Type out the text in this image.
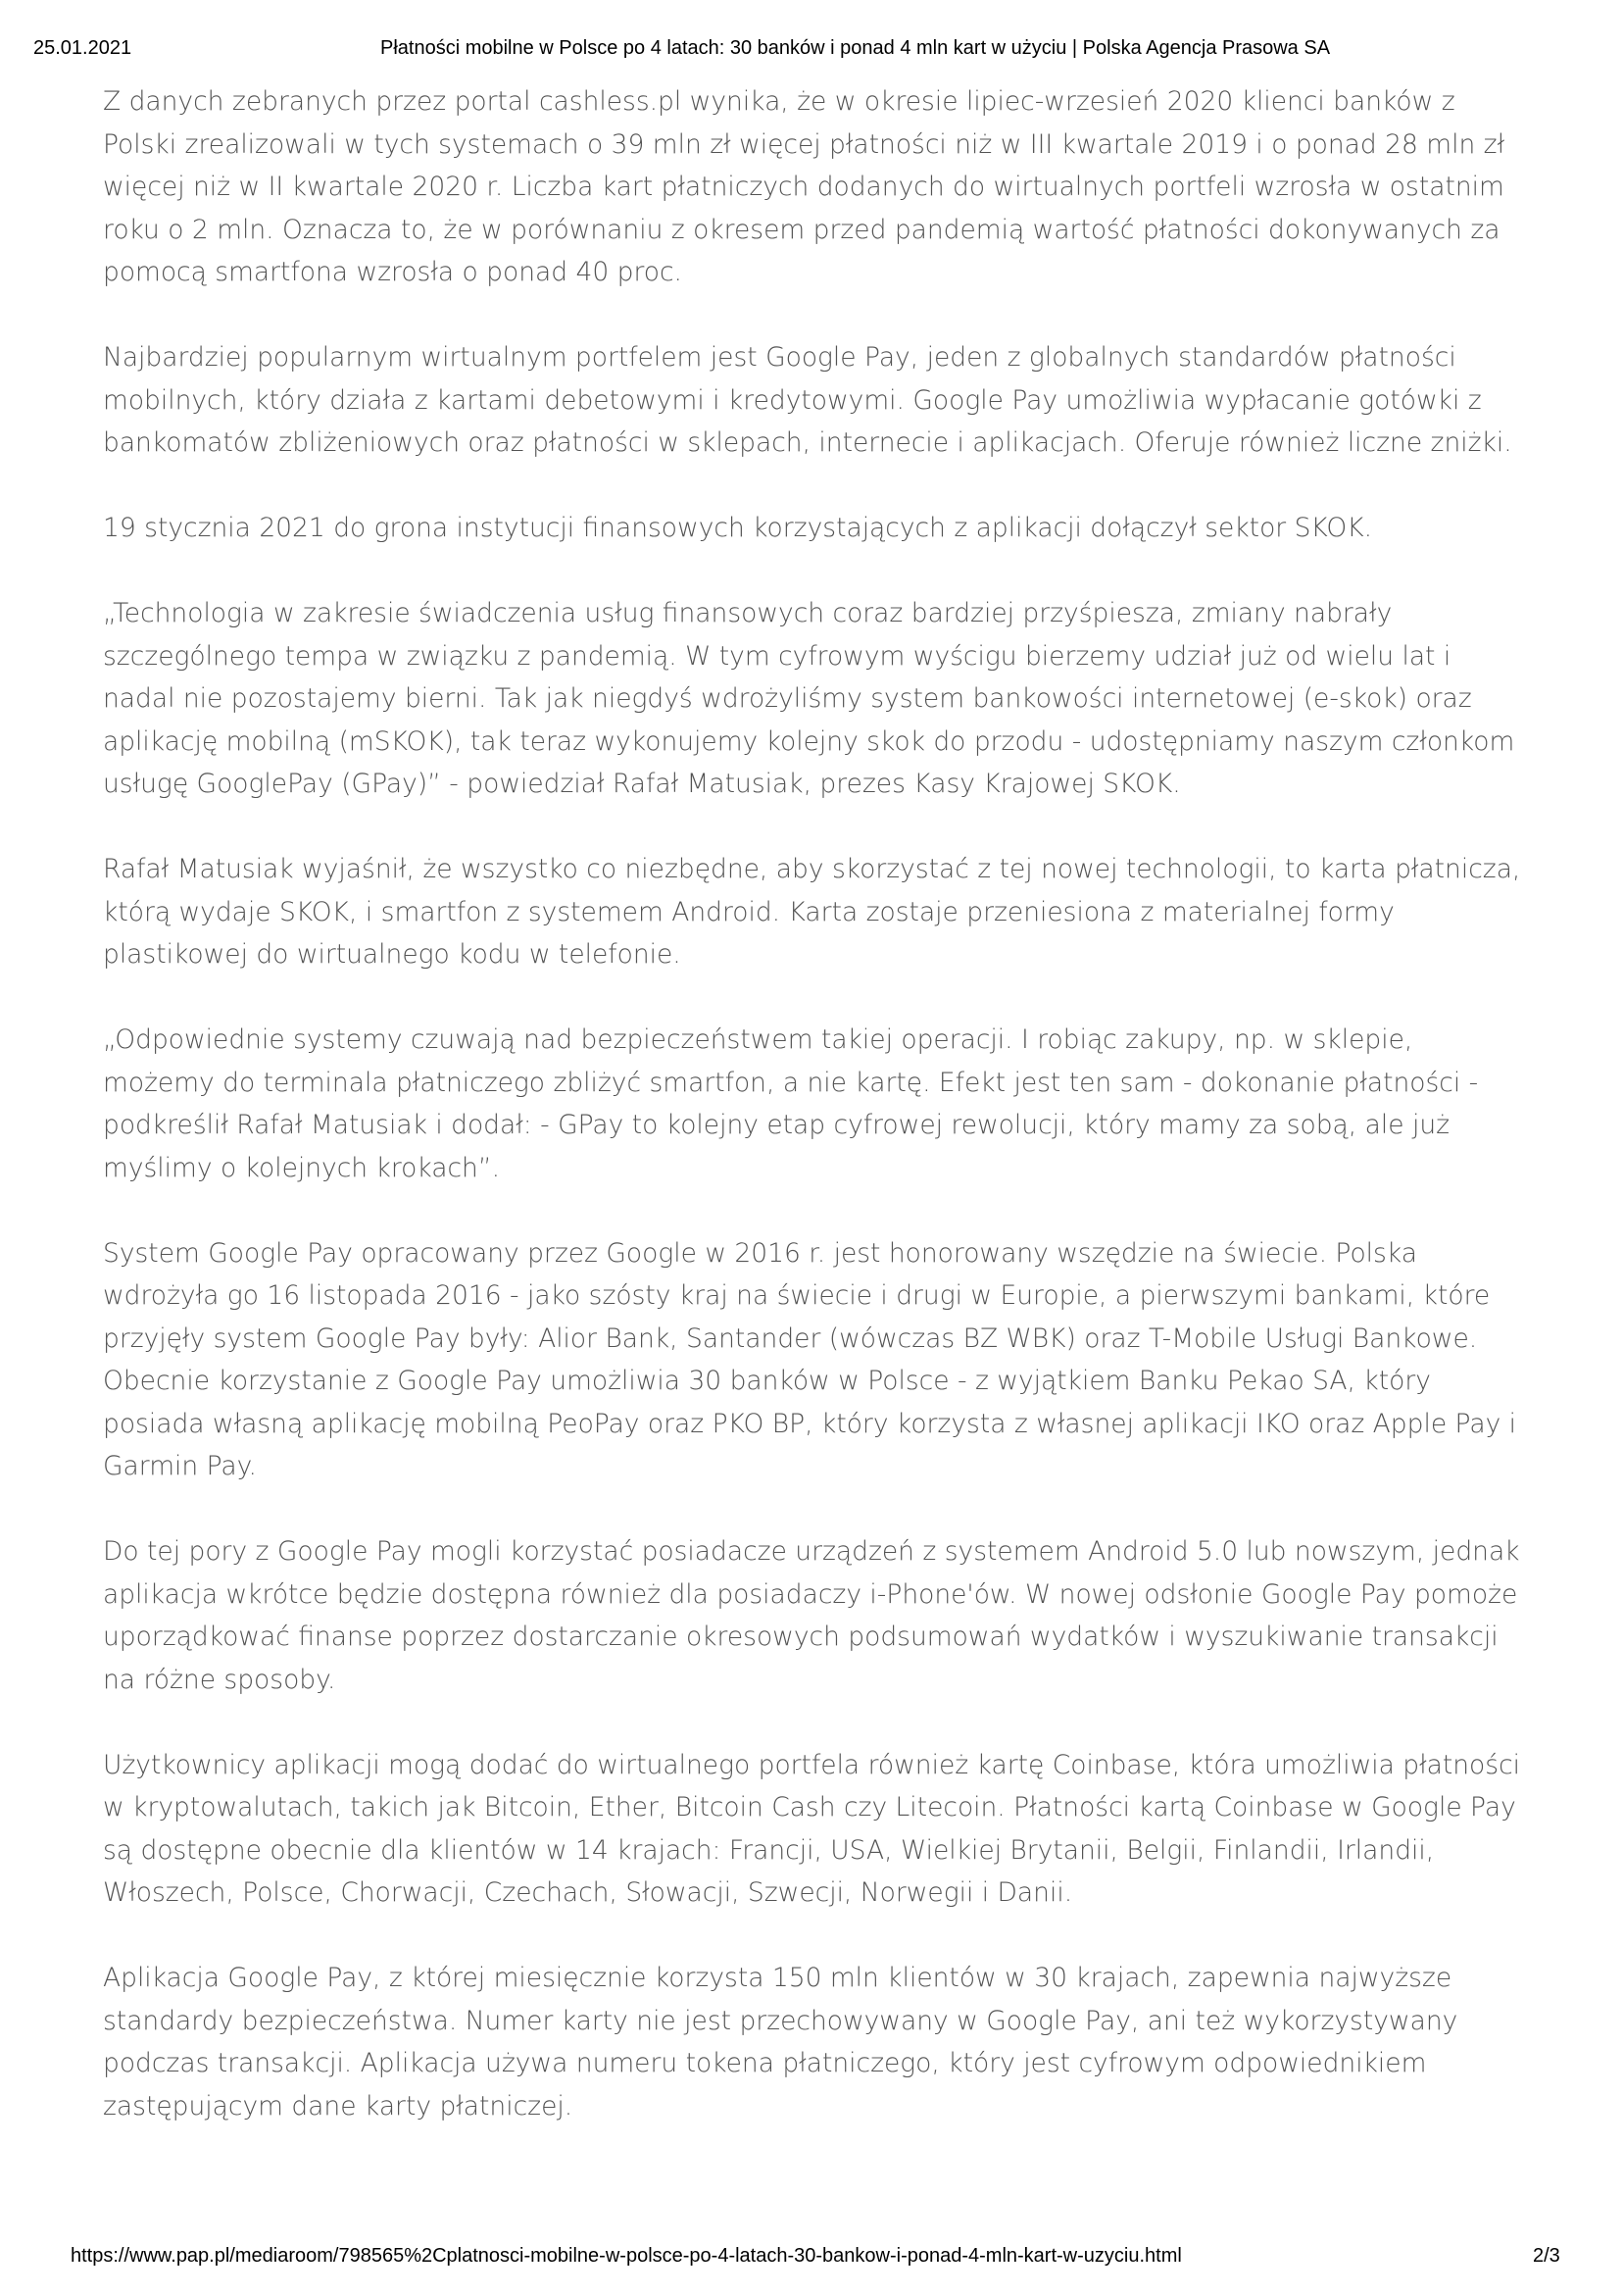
25.01.2021	Płatności mobilne w Polsce po 4 latach: 30 banków i ponad 4 mln kart w użyciu | Polska Agencja Prasowa SA

Z danych zebranych przez portal cashless.pl wynika, że w okresie lipiec-wrzesień 2020 klienci banków z Polski zrealizowali w tych systemach o 39 mln zł więcej płatności niż w III kwartale 2019 i o ponad 28 mln zł więcej niż w II kwartale 2020 r. Liczba kart płatniczych dodanych do wirtualnych portfeli wzrosła w ostatnim roku o 2 mln. Oznacza to, że w porównaniu z okresem przed pandemią wartość płatności dokonywanych za pomocą smartfona wzrosła o ponad 40 proc.

Najbardziej popularnym wirtualnym portfelem jest Google Pay, jeden z globalnych standardów płatności mobilnych, który działa z kartami debetowymi i kredytowymi. Google Pay umożliwia wypłacanie gotówki z bankomatów zbliżeniowych oraz płatności w sklepach, internecie i aplikacjach. Oferuje również liczne zniżki.

19 stycznia 2021 do grona instytucji finansowych korzystających z aplikacji dołączył sektor SKOK.

„Technologia w zakresie świadczenia usług finansowych coraz bardziej przyśpiesza, zmiany nabrały szczególnego tempa w związku z pandemią. W tym cyfrowym wyścigu bierzemy udział już od wielu lat i nadal nie pozostajemy bierni. Tak jak niegdyś wdrożyliśmy system bankowości internetowej (e-skok) oraz aplikację mobilną (mSKOK), tak teraz wykonujemy kolejny skok do przodu - udostępniamy naszym członkom usługę GooglePay (GPay)” - powiedział Rafał Matusiak, prezes Kasy Krajowej SKOK.

Rafał Matusiak wyjaśnił, że wszystko co niezbędne, aby skorzystać z tej nowej technologii, to karta płatnicza, którą wydaje SKOK, i smartfon z systemem Android. Karta zostaje przeniesiona z materialnej formy plastikowej do wirtualnego kodu w telefonie.

„Odpowiednie systemy czuwają nad bezpieczeństwem takiej operacji. I robiąc zakupy, np. w sklepie, możemy do terminala płatniczego zbliżyć smartfon, a nie kartę. Efekt jest ten sam - dokonanie płatności - podkreślił Rafał Matusiak i dodał: - GPay to kolejny etap cyfrowej rewolucji, który mamy za sobą, ale już myślimy o kolejnych krokach”.

System Google Pay opracowany przez Google w 2016 r. jest honorowany wszędzie na świecie. Polska wdrożyła go 16 listopada 2016 - jako szósty kraj na świecie i drugi w Europie, a pierwszymi bankami, które przyjęły system Google Pay były: Alior Bank, Santander (wówczas BZ WBK) oraz T-Mobile Usługi Bankowe. Obecnie korzystanie z Google Pay umożliwia 30 banków w Polsce - z wyjątkiem Banku Pekao SA, który posiada własną aplikację mobilną PeoPay oraz PKO BP, który korzysta z własnej aplikacji IKO oraz Apple Pay i Garmin Pay.

Do tej pory z Google Pay mogli korzystać posiadacze urządzeń z systemem Android 5.0 lub nowszym, jednak aplikacja wkrótce będzie dostępna również dla posiadaczy i-Phone'ów. W nowej odsłonie Google Pay pomoże uporządkować finanse poprzez dostarczanie okresowych podsumowań wydatków i wyszukiwanie transakcji na różne sposoby.

Użytkownicy aplikacji mogą dodać do wirtualnego portfela również kartę Coinbase, która umożliwia płatności w kryptowalutach, takich jak Bitcoin, Ether, Bitcoin Cash czy Litecoin. Płatności kartą Coinbase w Google Pay są dostępne obecnie dla klientów w 14 krajach: Francji, USA, Wielkiej Brytanii, Belgii, Finlandii, Irlandii, Włoszech, Polsce, Chorwacji, Czechach, Słowacji, Szwecji, Norwegii i Danii.

Aplikacja Google Pay, z której miesięcznie korzysta 150 mln klientów w 30 krajach, zapewnia najwyższe standardy bezpieczeństwa. Numer karty nie jest przechowywany w Google Pay, ani też wykorzystywany podczas transakcji. Aplikacja używa numeru tokena płatniczego, który jest cyfrowym odpowiednikiem zastępującym dane karty płatniczej.

https://www.pap.pl/mediaroom/798565%2Cplatnosci-mobilne-w-polsce-po-4-latach-30-bankow-i-ponad-4-mln-kart-w-uzyciu.html	2/3
